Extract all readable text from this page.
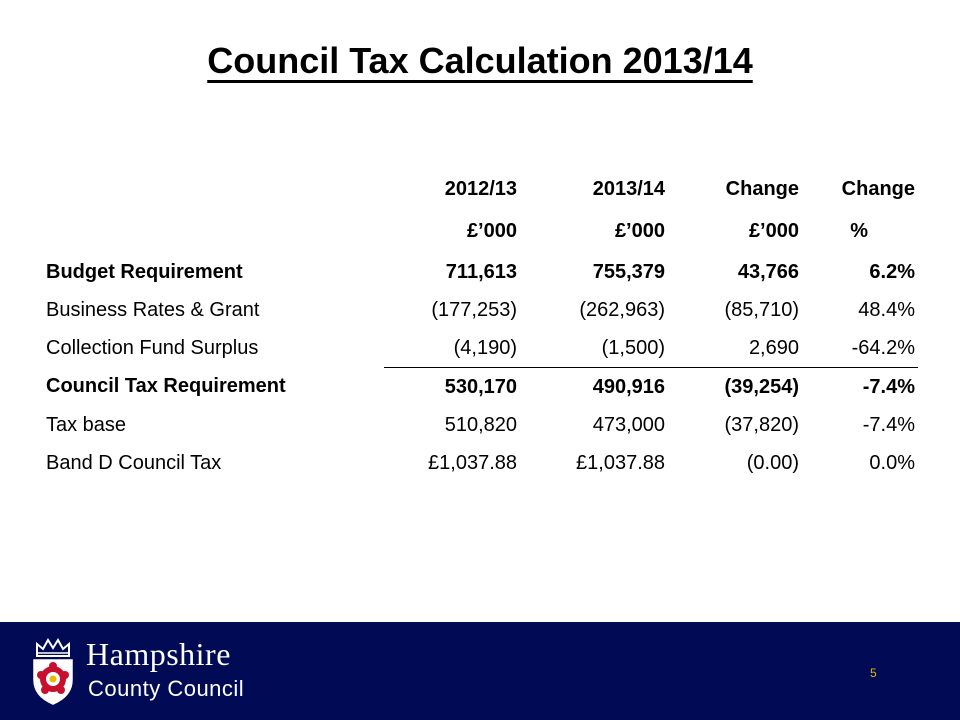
Council Tax Calculation 2013/14
	2012/13	2013/14	Change	Change
	£’000	£’000	£’000	%
Budget Requirement	711,613	755,379	43,766	6.2%
Business Rates & Grant	(177,253)	(262,963)	(85,710)	48.4%
Collection Fund Surplus	(4,190)	(1,500)	2,690	-64.2%
Council Tax Requirement	530,170	490,916	(39,254)	-7.4%
Tax base	510,820	473,000	(37,820)	-7.4%
Band D Council Tax	£1,037.88	£1,037.88	(0.00)	0.0%
Hampshire
County Council
5
